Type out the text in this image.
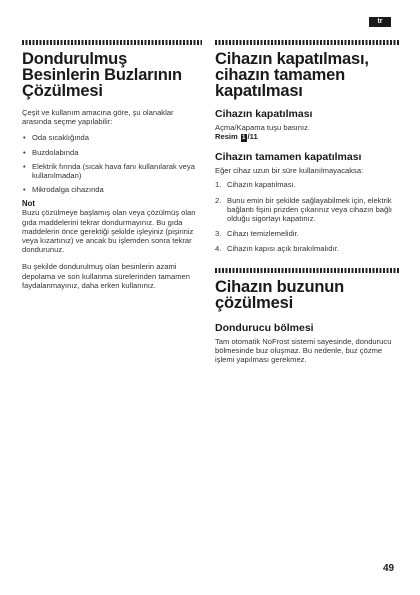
tr
Dondurulmuş Besinlerin Buzlarının Çözülmesi

Çeşit ve kullanım amacına göre, şu olanaklar arasında seçme yapılabilir:

• Oda sıcaklığında
• Buzdolabında
• Elektrik fırında (sıcak hava fanı kullanılarak veya kullanılmadan)
• Mikrodalga cihazında

Not

Buzu çözülmeye başlamış olan veya çözülmüş olan gıda maddelerini tekrar dondurmayınız. Bu gıda maddelerin önce gerektiği şekilde işleyiniz (pişiriniz veya kızartınız) ve ancak bu işlemden sonra tekrar dondurunuz.

Bu şekilde dondurulmuş olan besinlerin azami depolama ve son kullanma sürelerinden tamamen faydalanmayınız, daha erken kullanınız.

Cihazın kapatılması, cihazın tamamen kapatılması
Cihazın kapatılması

Açma/Kapama tuşu basınız.

Resim 1 /11
Cihazın tamamen kapatılması

Eğer cihaz uzun bir süre kullanılmayacaksa:

1. Cihazın kapatılması.
2. Bunu emin bir şekilde sağlayabilmek için, elektrik bağlantı fişini prizden çıkarınız veya cihazın bağlı olduğu sigortayı kapatınız.
3. Cihazı temizlemelidir.
4. Cihazın kapısı açık bırakılmalıdır.
Cihazın buzunun çözülmesi
Dondurucu bölmesi

Tam otomatik NoFrost sistemi sayesinde, dondurucu bölmesinde buz oluşmaz. Bu nedenle, buz çözme işlemi yapılması gerekmez.

49
